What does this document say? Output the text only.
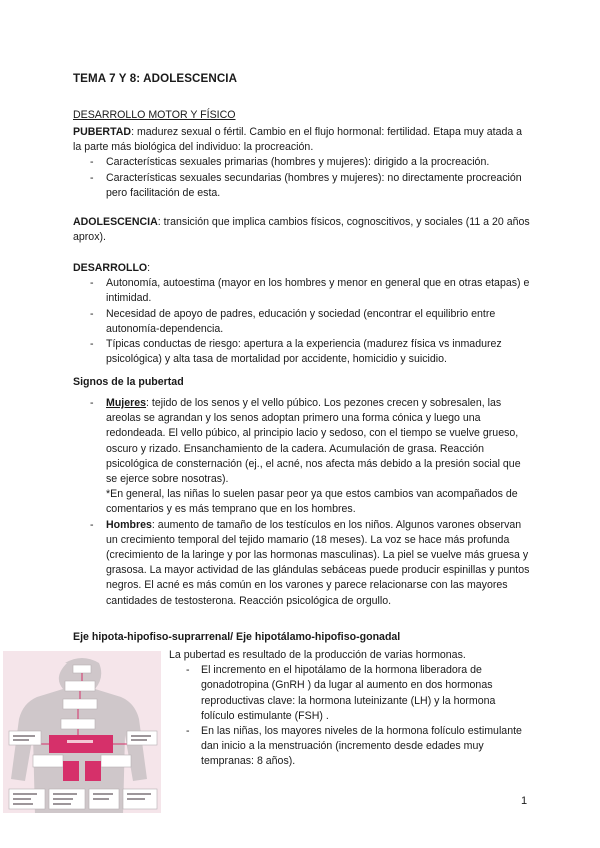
TEMA 7 Y 8: ADOLESCENCIA
DESARROLLO MOTOR Y FÍSICO
PUBERTAD: madurez sexual o fértil. Cambio en el flujo hormonal: fertilidad. Etapa muy atada a la parte más biológica del individuo: la procreación.
- Características sexuales primarias (hombres y mujeres): dirigido a la procreación.
- Características sexuales secundarias (hombres y mujeres): no directamente procreación pero facilitación de esta.
ADOLESCENCIA: transición que implica cambios físicos, cognoscitivos, y sociales (11 a 20 años aprox).
DESARROLLO:
- Autonomía, autoestima (mayor en los hombres y menor en general que en otras etapas) e intimidad.
- Necesidad de apoyo de padres, educación y sociedad (encontrar el equilibrio entre autonomía-dependencia.
- Típicas conductas de riesgo: apertura a la experiencia (madurez física vs inmadurez psicológica) y alta tasa de mortalidad por accidente, homicidio y suicidio.
Signos de la pubertad
- Mujeres: tejido de los senos y el vello púbico. Los pezones crecen y sobresalen, las areolas se agrandan y los senos adoptan primero una forma cónica y luego una redondeada. El vello púbico, al principio lacio y sedoso, con el tiempo se vuelve grueso, oscuro y rizado. Ensanchamiento de la cadera. Acumulación de grasa. Reacción psicológica de consternación (ej., el acné, nos afecta más debido a la presión social que se ejerce sobre nosotras).
*En general, las niñas lo suelen pasar peor ya que estos cambios van acompañados de comentarios y es más temprano que en los hombres.
- Hombres: aumento de tamaño de los testículos en los niños. Algunos varones observan un crecimiento temporal del tejido mamario (18 meses). La voz se hace más profunda (crecimiento de la laringe y por las hormonas masculinas). La piel se vuelve más gruesa y grasosa. La mayor actividad de las glándulas sebáceas puede producir espinillas y puntos negros. El acné es más común en los varones y parece relacionarse con las mayores cantidades de testosterona. Reacción psicológica de orgullo.
Eje hipota-hipofiso-suprarrenal/ Eje hipotálamo-hipofiso-gonadal
La pubertad es resultado de la producción de varias hormonas.
- El incremento en el hipotálamo de la hormona liberadora de gonadotropina (GnRH ) da lugar al aumento en dos hormonas reproductivas clave: la hormona luteinizante (LH) y la hormona folículo estimulante (FSH) .
- En las niñas, los mayores niveles de la hormona folículo estimulante dan inicio a la menstruación (incremento desde edades muy tempranas: 8 años).
1
